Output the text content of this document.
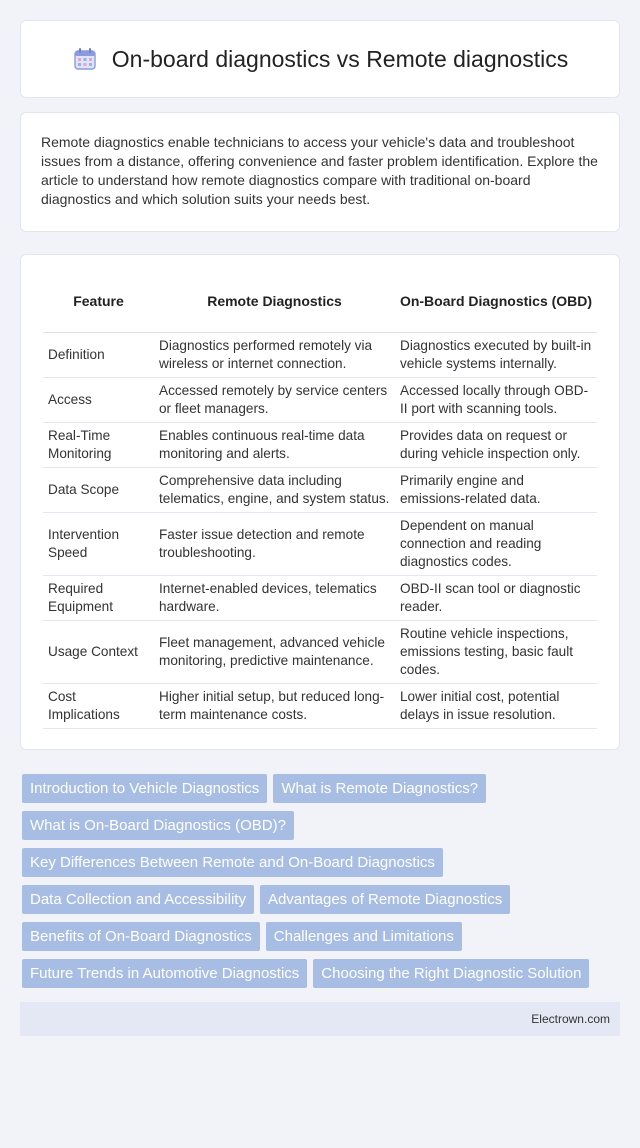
On-board diagnostics vs Remote diagnostics

Remote diagnostics enable technicians to access your vehicle's data and troubleshoot issues from a distance, offering convenience and faster problem identification. Explore the article to understand how remote diagnostics compare with traditional on-board diagnostics and which solution suits your needs best.

Feature	Remote Diagnostics	On-Board Diagnostics (OBD)
Definition	Diagnostics performed remotely via wireless or internet connection.	Diagnostics executed by built-in vehicle systems internally.
Access	Accessed remotely by service centers or fleet managers.	Accessed locally through OBD-II port with scanning tools.
Real-Time Monitoring	Enables continuous real-time data monitoring and alerts.	Provides data on request or during vehicle inspection only.
Data Scope	Comprehensive data including telematics, engine, and system status.	Primarily engine and emissions-related data.
Intervention Speed	Faster issue detection and remote troubleshooting.	Dependent on manual connection and reading diagnostics codes.
Required Equipment	Internet-enabled devices, telematics hardware.	OBD-II scan tool or diagnostic reader.
Usage Context	Fleet management, advanced vehicle monitoring, predictive maintenance.	Routine vehicle inspections, emissions testing, basic fault codes.
Cost Implications	Higher initial setup, but reduced long-term maintenance costs.	Lower initial cost, potential delays in issue resolution.
Introduction to Vehicle Diagnostics	What is Remote Diagnostics?
What is On-Board Diagnostics (OBD)?
Key Differences Between Remote and On-Board Diagnostics
Data Collection and Accessibility	Advantages of Remote Diagnostics
Benefits of On-Board Diagnostics	Challenges and Limitations
Future Trends in Automotive Diagnostics	Choosing the Right Diagnostic Solution
Electrown.com
